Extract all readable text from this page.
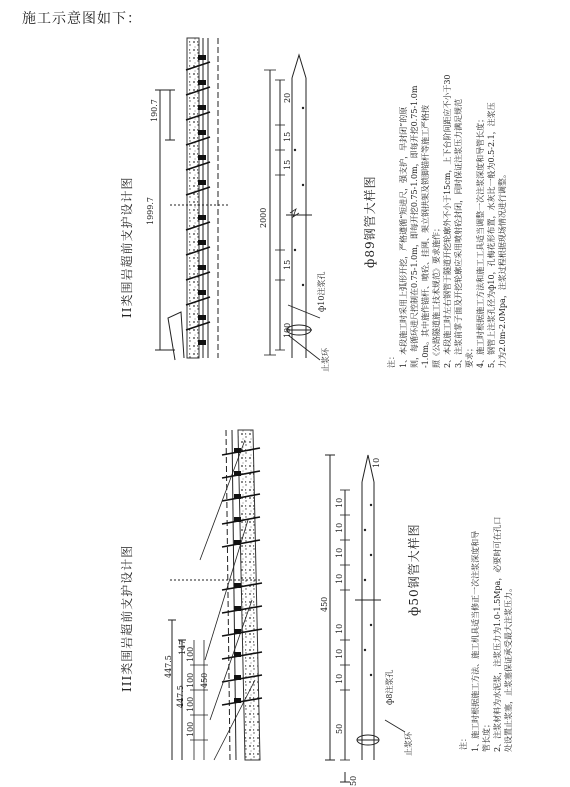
施工示意图如下：
II类围岩超前支护设计图
190.7
1999.7	ф89钢管大样图
2000
20
15
15
15
100
ф10注浆孔
止浆环	注： 1、本段施工时采用上弧形开挖，严格遵循“短进尺，强支护，早封闭”的原 则，每循环进尺控制在0.75-1.0m，即每开挖0.75-1.0m，即每开挖0.75-1.0m -1.0m。其中施作锚杆、喷砼、挂网、架立钢拱架及锁脚锚杆等施工严格按 照《公路隧道施工技术规范》要求施作； 2、本段施工时左右钢管于隧道开挖轮廓外不小于15cm，上下台阶间距应不小于30 3、注浆前掌子面及开挖轮廓应采用喷射砼封闭，同时保证注浆压力满足规范 要求； 4、施工时根据施工方法和施工工具适当调整一次注浆深度和导管长度； 5、钢管上注浆孔径为ф10，孔梅花形布置，水灰比一般为0.5-2.1，注浆压 力为2.0m-2.0Mpa，注浆过程根据现场情况进行调整。
III类围岩超前支护设计图	447.5
447.5
147
450
100
100
100
100
ф50钢管大样图
450
10
10
10
10
10
10
10
10
50
50
ф8注浆孔
止浆环	注： 1、施工时根据施工方法、施工机具适当修正一次注浆深度和导 管长度； 2、注浆材料为水泥浆，注浆压力为1.0-1.5Mpa，必要时可在孔口 处设置止浆塞，止浆塞保证承受最大注浆压力。
